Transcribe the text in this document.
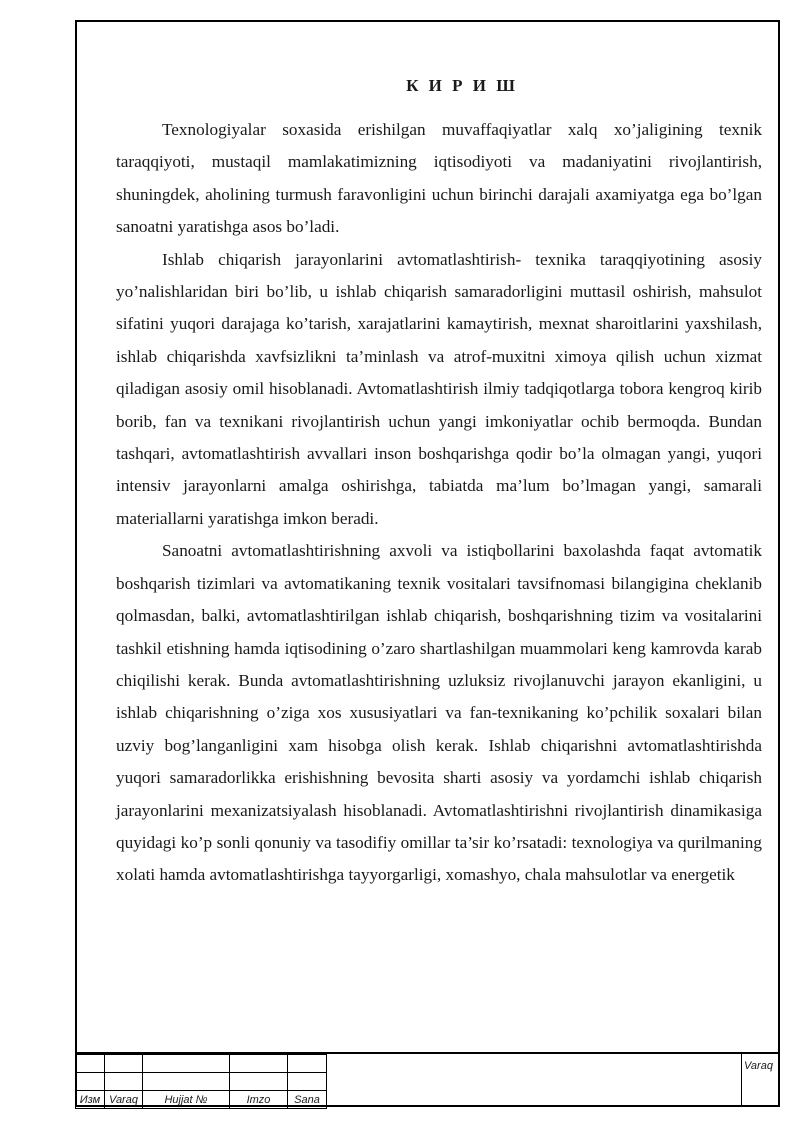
К И Р И Ш

Texnologiyalar soxasida erishilgan muvaffaqiyatlar xalq xo’jaligining texnik taraqqiyoti, mustaqil mamlakatimizning iqtisodiyoti va madaniyatini rivojlantirish, shuningdek, aholining turmush faravonligini uchun birinchi darajali axamiyatga ega bo’lgan sanoatni yaratishga asos bo’ladi.

Ishlab chiqarish jarayonlarini avtomatlashtirish- texnika taraqqiyotining asosiy yo’nalishlaridan biri bo’lib, u ishlab chiqarish samaradorligini muttasil oshirish, mahsulot sifatini yuqori darajaga ko’tarish, xarajatlarini kamaytirish, mexnat sharoitlarini yaxshilash, ishlab chiqarishda xavfsizlikni ta’minlash va atrof-muxitni ximoya qilish uchun xizmat qiladigan asosiy omil hisoblanadi. Avtomatlashtirish ilmiy tadqiqotlarga tobora kengroq kirib borib, fan va texnikani rivojlantirish uchun yangi imkoniyatlar ochib bermoqda. Bundan tashqari, avtomatlashtirish avvallari inson boshqarishga qodir bo’la olmagan yangi, yuqori intensiv jarayonlarni amalga oshirishga, tabiatda ma’lum bo’lmagan yangi, samarali materiallarni yaratishga imkon beradi.

Sanoatni avtomatlashtirishning axvoli va istiqbollarini baxolashda faqat avtomatik boshqarish tizimlari va avtomatikaning texnik vositalari tavsifnomasi bilangigina cheklanib qolmasdan, balki, avtomatlashtirilgan ishlab chiqarish, boshqarishning tizim va vositalarini tashkil etishning hamda iqtisodining o’zaro shartlashilgan muammolari keng kamrovda karab chiqilishi kerak. Bunda avtomatlashtirishning uzluksiz rivojlanuvchi jarayon ekanligini, u ishlab chiqarishning o’ziga xos xususiyatlari va fan-texnikaning ko’pchilik soxalari bilan uzviy bog’langanligini xam hisobga olish kerak. Ishlab chiqarishni avtomatlashtirishda yuqori samaradorlikka erishishning bevosita sharti asosiy va yordamchi ishlab chiqarish jarayonlarini mexanizatsiyalash hisoblanadi. Avtomatlashtirishni rivojlantirish dinamikasiga quyidagi ko’p sonli qonuniy va tasodifiy omillar ta’sir ko’rsatadi: texnologiya va qurilmaning xolati hamda avtomatlashtirishga tayyorgarligi, xomashyo, chala mahsulotlar va energetik

Изм	Varaq	Hujjat №	Imzo	Sana
Varaq
